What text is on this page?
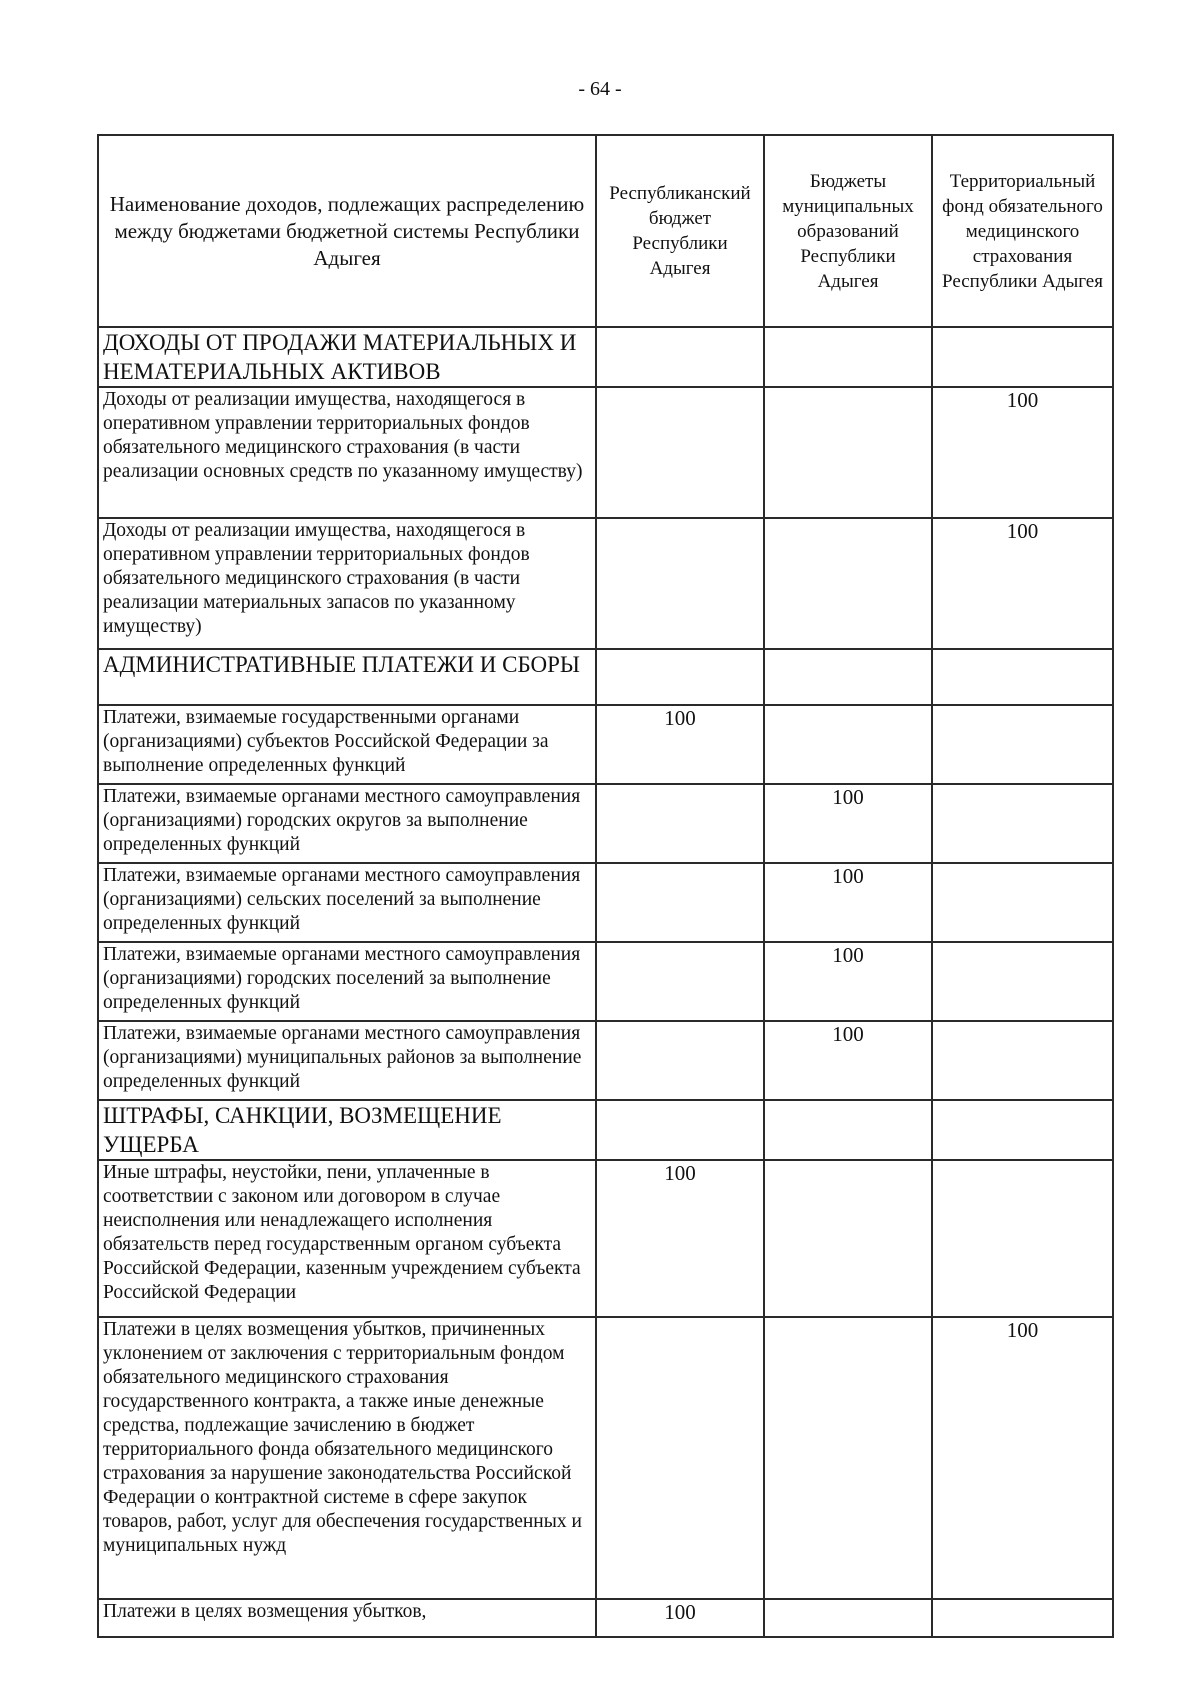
- 64 -
Наименование доходов, подлежащих распределению между бюджетами бюджетной системы Республики Адыгея	Республиканский бюджет Республики Адыгея	Бюджеты муниципальных образований Республики Адыгея	Территориальный фонд обязательного медицинского страхования Республики Адыгея
ДОХОДЫ ОТ ПРОДАЖИ МАТЕРИАЛЬНЫХ И НЕМАТЕРИАЛЬНЫХ АКТИВОВ			
Доходы от реализации имущества, находящегося в оперативном управлении территориальных фондов обязательного медицинского страхования (в части реализации основных средств по указанному имуществу)			100
Доходы от реализации имущества, находящегося в оперативном управлении территориальных фондов обязательного медицинского страхования (в части реализации материальных запасов по указанному имуществу)			100
АДМИНИСТРАТИВНЫЕ ПЛАТЕЖИ И СБОРЫ			
Платежи, взимаемые государственными органами (организациями) субъектов Российской Федерации за выполнение определенных функций	100		
Платежи, взимаемые органами местного самоуправления (организациями) городских округов за выполнение определенных функций		100	
Платежи, взимаемые органами местного самоуправления (организациями) сельских поселений за выполнение определенных функций		100	
Платежи, взимаемые органами местного самоуправления (организациями) городских поселений за выполнение определенных функций		100	
Платежи, взимаемые органами местного самоуправления (организациями) муниципальных районов за выполнение определенных функций		100	
ШТРАФЫ, САНКЦИИ, ВОЗМЕЩЕНИЕ УЩЕРБА			
Иные штрафы, неустойки, пени, уплаченные в соответствии с законом или договором в случае неисполнения или ненадлежащего исполнения обязательств перед государственным органом субъекта Российской Федерации, казенным учреждением субъекта Российской Федерации	100		
Платежи в целях возмещения убытков, причиненных уклонением от заключения с территориальным фондом обязательного медицинского страхования государственного контракта, а также иные денежные средства, подлежащие зачислению в бюджет территориального фонда обязательного медицинского страхования за нарушение законодательства Российской Федерации о контрактной системе в сфере закупок товаров, работ, услуг для обеспечения государственных и муниципальных нужд			100
Платежи в целях возмещения убытков,	100		
